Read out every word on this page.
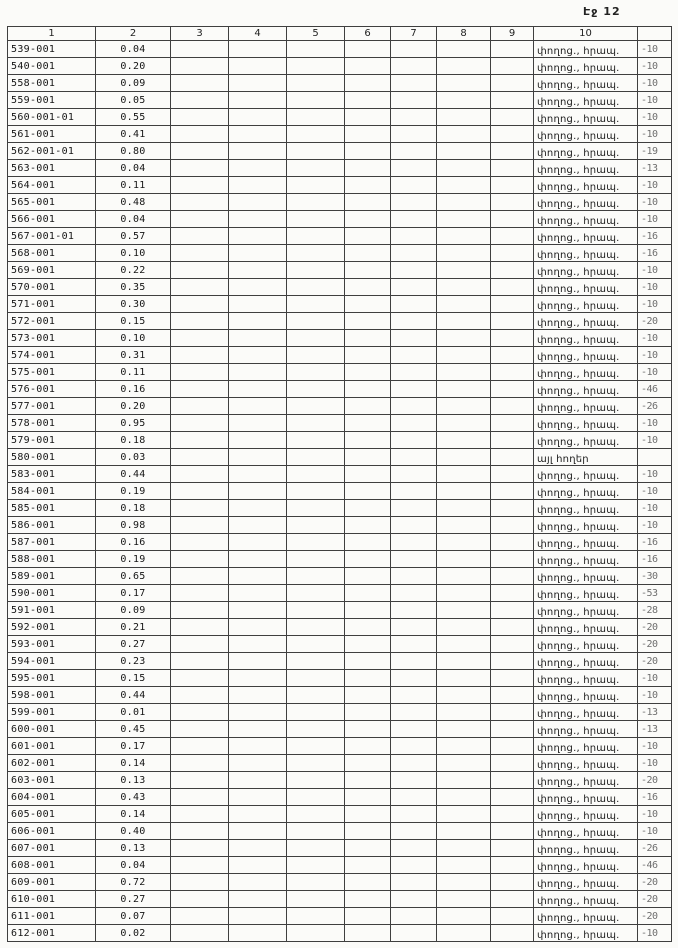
Էջ 12
1	2	3	4	5	6	7	8	9	10	
539-001	0.04								փողոց., հրապ.	-10
540-001	0.20								փողոց., հրապ.	-10
558-001	0.09								փողոց., հրապ.	-10
559-001	0.05								փողոց., հրապ.	-10
560-001-01	0.55								փողոց., հրապ.	-10
561-001	0.41								փողոց., հրապ.	-10
562-001-01	0.80								փողոց., հրապ.	-19
563-001	0.04								փողոց., հրապ.	-13
564-001	0.11								փողոց., հրապ.	-10
565-001	0.48								փողոց., հրապ.	-10
566-001	0.04								փողոց., հրապ.	-10
567-001-01	0.57								փողոց., հրապ.	-16
568-001	0.10								փողոց., հրապ.	-16
569-001	0.22								փողոց., հրապ.	-10
570-001	0.35								փողոց., հրապ.	-10
571-001	0.30								փողոց., հրապ.	-10
572-001	0.15								փողոց., հրապ.	-20
573-001	0.10								փողոց., հրապ.	-10
574-001	0.31								փողոց., հրապ.	-10
575-001	0.11								փողոց., հրապ.	-10
576-001	0.16								փողոց., հրապ.	-46
577-001	0.20								փողոց., հրապ.	-26
578-001	0.95								փողոց., հրապ.	-10
579-001	0.18								փողոց., հրապ.	-10
580-001	0.03								այլ հողեր	
583-001	0.44								փողոց., հրապ.	-10
584-001	0.19								փողոց., հրապ.	-10
585-001	0.18								փողոց., հրապ.	-10
586-001	0.98								փողոց., հրապ.	-10
587-001	0.16								փողոց., հրապ.	-16
588-001	0.19								փողոց., հրապ.	-16
589-001	0.65								փողոց., հրապ.	-30
590-001	0.17								փողոց., հրապ.	-53
591-001	0.09								փողոց., հրապ.	-28
592-001	0.21								փողոց., հրապ.	-20
593-001	0.27								փողոց., հրապ.	-20
594-001	0.23								փողոց., հրապ.	-20
595-001	0.15								փողոց., հրապ.	-10
598-001	0.44								փողոց., հրապ.	-10
599-001	0.01								փողոց., հրապ.	-13
600-001	0.45								փողոց., հրապ.	-13
601-001	0.17								փողոց., հրապ.	-10
602-001	0.14								փողոց., հրապ.	-10
603-001	0.13								փողոց., հրապ.	-20
604-001	0.43								փողոց., հրապ.	-16
605-001	0.14								փողոց., հրապ.	-10
606-001	0.40								փողոց., հրապ.	-10
607-001	0.13								փողոց., հրապ.	-26
608-001	0.04								փողոց., հրապ.	-46
609-001	0.72								փողոց., հրապ.	-20
610-001	0.27								փողոց., հրապ.	-20
611-001	0.07								փողոց., հրապ.	-20
612-001	0.02								փողոց., հրապ.	-10
